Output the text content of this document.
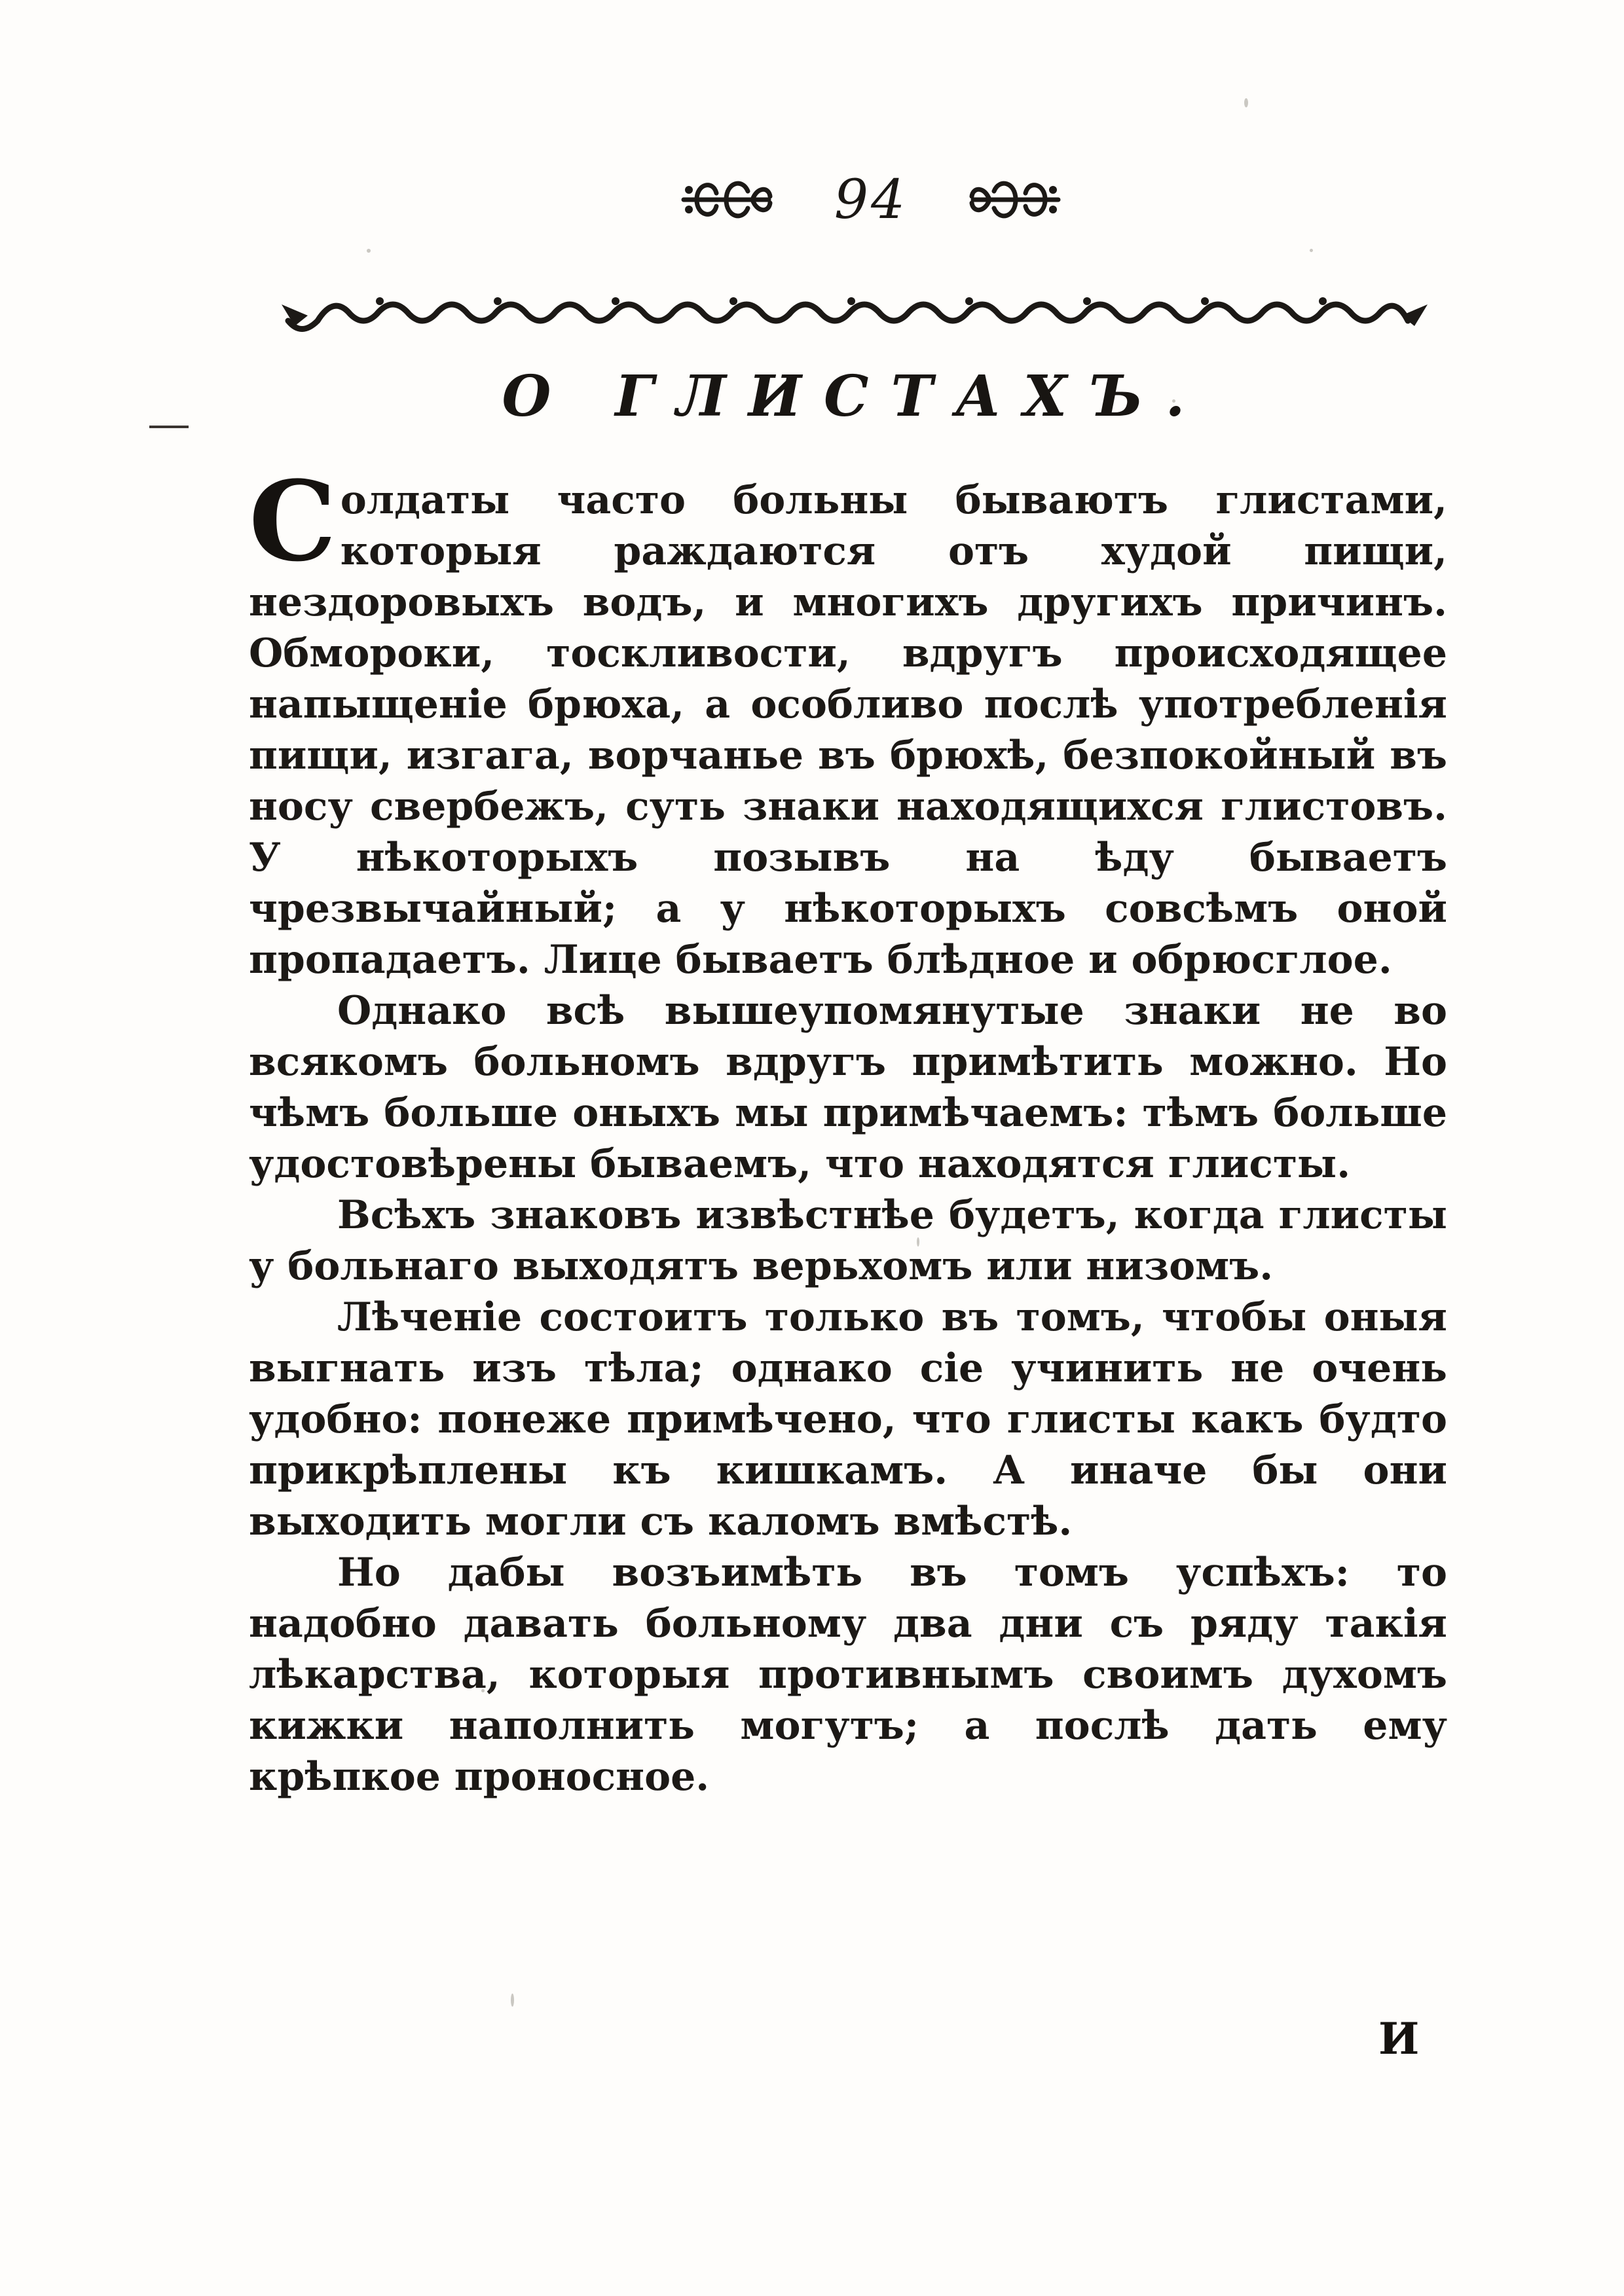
94
О ГЛИСТАХЪ.

Солдаты часто больны бываютъ глистами, которыя раждаются отъ худой пищи, нездоровыхъ водъ, и многихъ другихъ причинъ. Обмороки, тоскливости, вдругъ происходящее напыщенiе брюха, а особливо послѣ употребленiя пищи, изгага, ворчанье въ брюхѣ, безпокойный въ носу свербежъ, суть знаки находящихся глистовъ. У нѣкоторыхъ позывъ на ѣду бываетъ чрезвычайный; а у нѣкоторыхъ совсѣмъ оной пропадаетъ. Лице бываетъ блѣдное и обрюсглое.

Однако всѣ вышеупомянутые знаки не во всякомъ больномъ вдругъ примѣтить можно. Но чѣмъ больше оныхъ мы примѣчаемъ: тѣмъ больше удостовѣрены бываемъ, что находятся глисты.

Всѣхъ знаковъ извѣстнѣе будетъ, когда глисты у больнаго выходятъ верьхомъ или низомъ.

Лѣченiе состоитъ только въ томъ, чтобы оныя выгнать изъ тѣла; однако сiе учинить не очень удобно: понеже примѣчено, что глисты какъ будто прикрѣплены къ кишкамъ. А иначе бы они выходить могли съ каломъ вмѣстѣ.

Но дабы возъимѣть въ томъ успѣхъ: то надобно давать больному два дни съ ряду такiя лѣкарства, которыя противнымъ своимъ духомъ кижки наполнить могутъ; а послѣ дать ему крѣпкое проносное.

И
